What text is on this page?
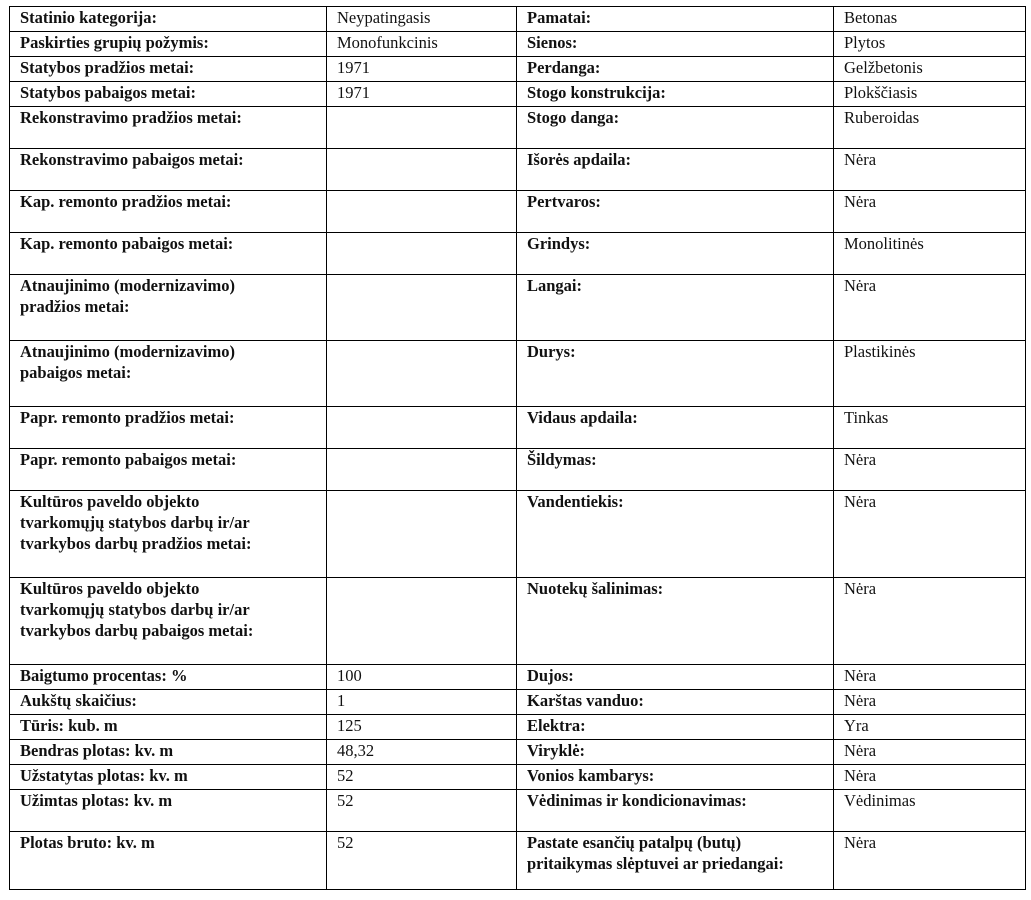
Statinio kategorija:	Neypatingasis	Pamatai:	Betonas

Paskirties grupių požymis:	Monofunkcinis	Sienos:	Plytos

Statybos pradžios metai:	1971	Perdanga:	Gelžbetonis

Statybos pabaigos metai:	1971	Stogo konstrukcija:	Plokščiasis

Rekonstravimo pradžios metai:		Stogo danga:	Ruberoidas

Rekonstravimo pabaigos metai:		Išorės apdaila:	Nėra

Kap. remonto pradžios metai:		Pertvaros:	Nėra

Kap. remonto pabaigos metai:		Grindys:	Monolitinės

Atnaujinimo (modernizavimo)
pradžios metai:		Langai:	Nėra

Atnaujinimo (modernizavimo)
pabaigos metai:		Durys:	Plastikinės

Papr. remonto pradžios metai:		Vidaus apdaila:	Tinkas

Papr. remonto pabaigos metai:		Šildymas:	Nėra

Kultūros paveldo objekto
tvarkomųjų statybos darbų ir/ar
tvarkybos darbų pradžios metai:		Vandentiekis:	Nėra

Kultūros paveldo objekto
tvarkomųjų statybos darbų ir/ar
tvarkybos darbų pabaigos metai:		Nuotekų šalinimas:	Nėra

Baigtumo procentas: %	100	Dujos:	Nėra

Aukštų skaičius:	1	Karštas vanduo:	Nėra

Tūris: kub. m	125	Elektra:	Yra

Bendras plotas: kv. m	48,32	Viryklė:	Nėra

Užstatytas plotas: kv. m	52	Vonios kambarys:	Nėra

Užimtas plotas: kv. m	52	Vėdinimas ir kondicionavimas:	Vėdinimas

Plotas bruto: kv. m	52	Pastate esančių patalpų (butų)
pritaikymas slėptuvei ar priedangai:	Nėra
